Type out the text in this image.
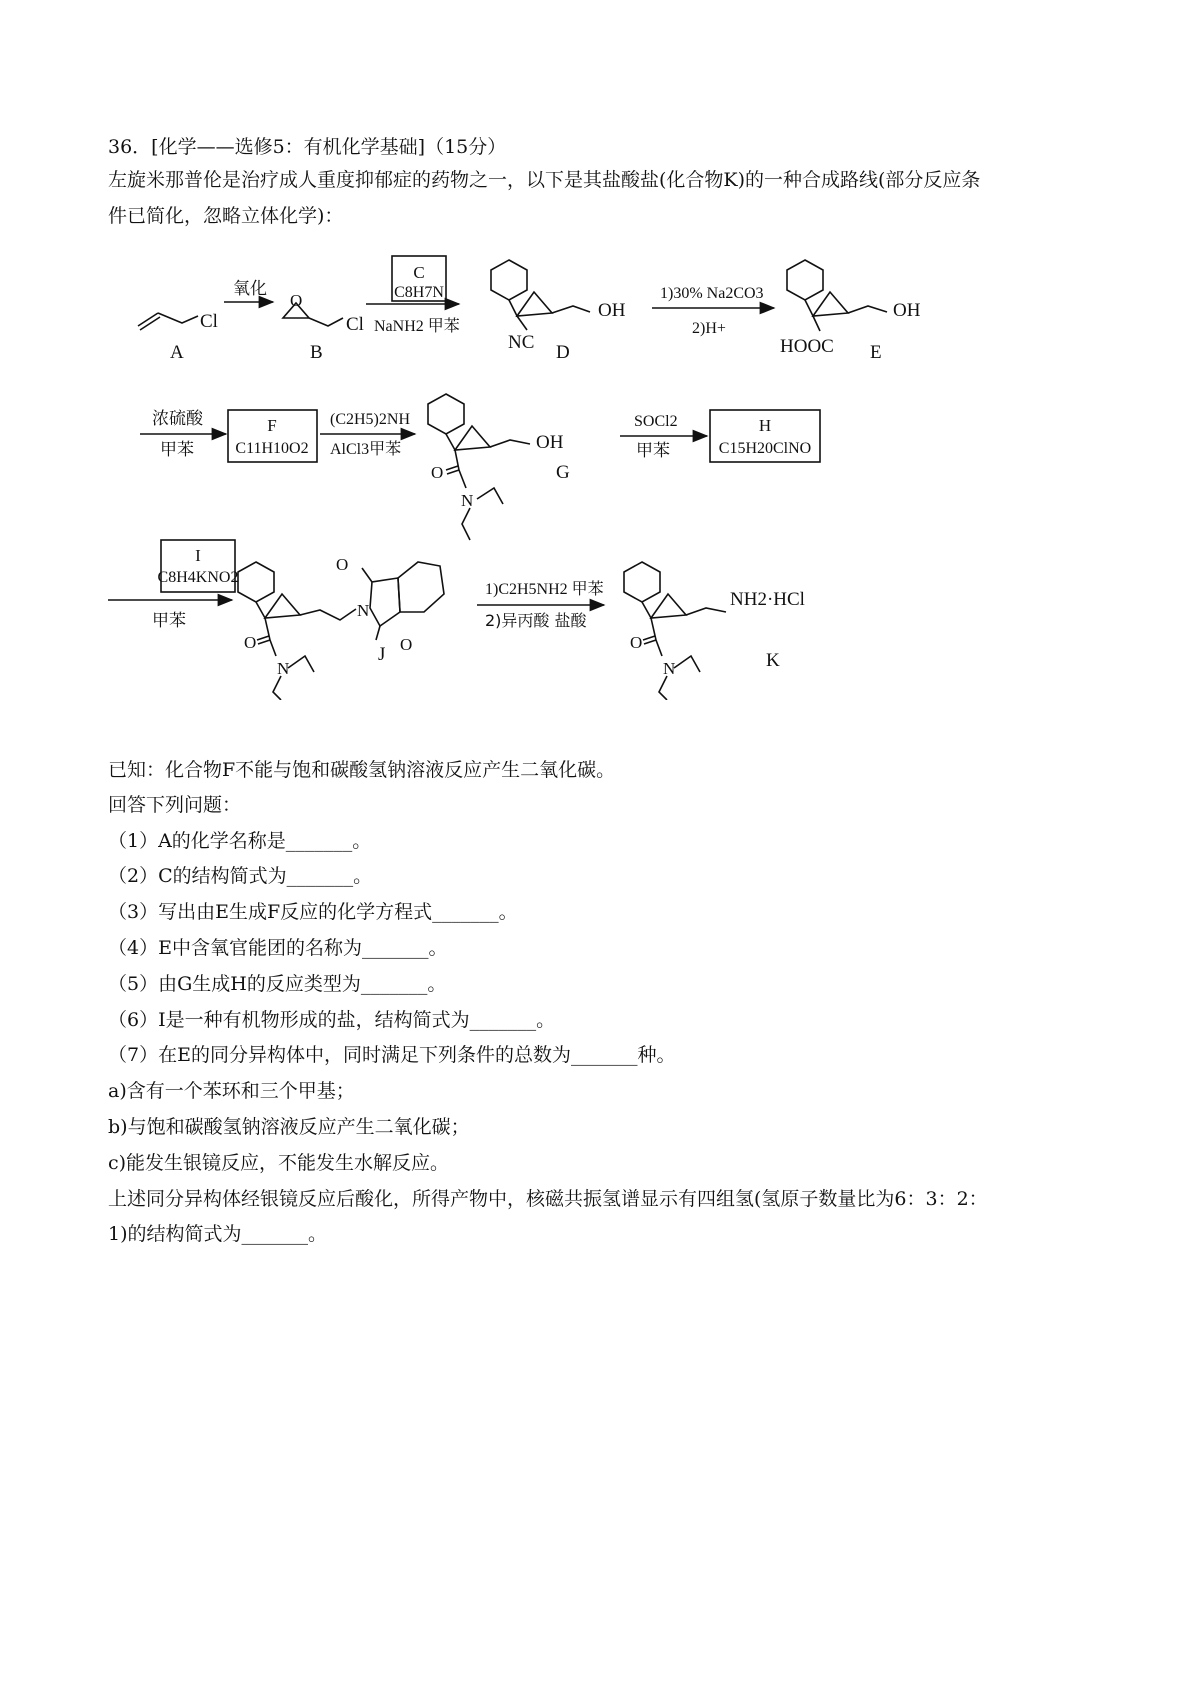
36．[化学——选修5：有机化学基础]（15分）
左旋米那普伦是治疗成人重度抑郁症的药物之一，以下是其盐酸盐(化合物K)的一种合成路线(部分反应条
件已简化，忽略立体化学)：
Cl
A
氧化
O
Cl
B
C
C8H7N
NaNH2 甲苯
OH
NC D
1)30% Na2CO3
2)H+
OH
HOOC E
浓硫酸
甲苯
F
C11H10O2
(C2H5)2NH
AlCl3甲苯	OH
O
N
G
SOCl2
甲苯
H
C15H20ClNO
I
C8H4KNO2
甲苯
O
N
N
O
O
J
1)C2H5NH2 甲苯
2)异丙酸 盐酸
NH2·HCl
O
N	K
已知：化合物F不能与饱和碳酸氢钠溶液反应产生二氧化碳。
回答下列问题：
（1）A的化学名称是_______。
（2）C的结构简式为_______。
（3）写出由E生成F反应的化学方程式_______。
（4）E中含氧官能团的名称为_______。
（5）由G生成H的反应类型为_______。
（6）I是一种有机物形成的盐，结构简式为_______。
（7）在E的同分异构体中，同时满足下列条件的总数为_______种。
a)含有一个苯环和三个甲基；
b)与饱和碳酸氢钠溶液反应产生二氧化碳；
c)能发生银镜反应，不能发生水解反应。
上述同分异构体经银镜反应后酸化，所得产物中，核磁共振氢谱显示有四组氢(氢原子数量比为6：3：2：
1)的结构简式为_______。
